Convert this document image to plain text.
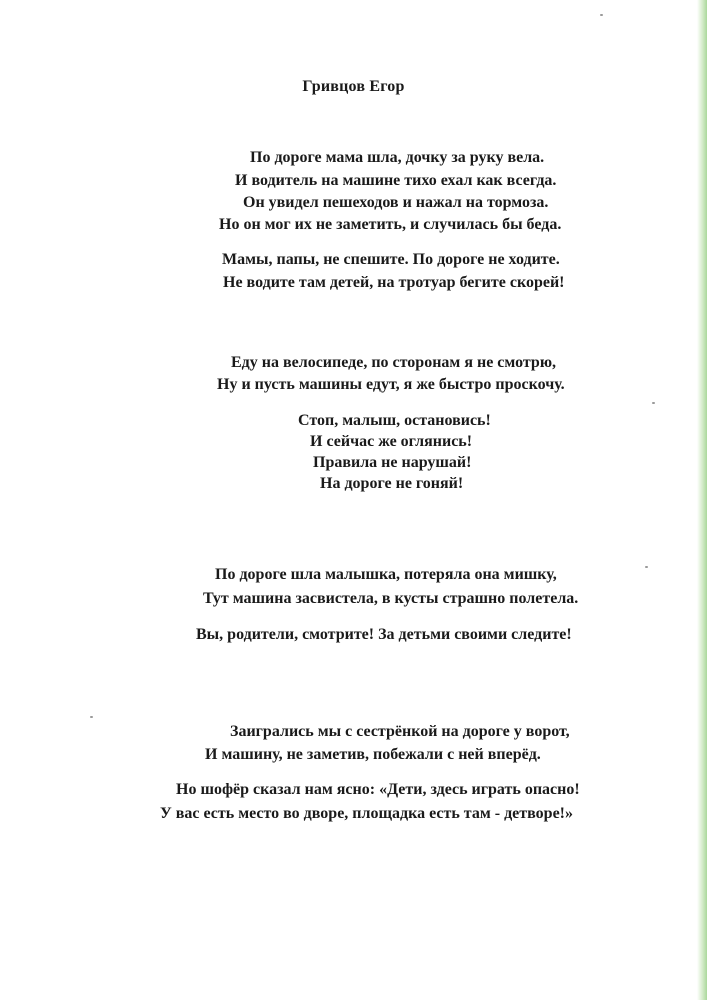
Гривцов Егор
По дороге мама шла, дочку за руку вела.
И водитель на машине тихо ехал как всегда.
Он увидел пешеходов и нажал на тормоза.
Но он мог их не заметить, и случилась бы беда.
Мамы, папы, не спешите. По дороге не ходите.
Не водите там детей, на тротуар бегите скорей!
Еду на велосипеде, по сторонам я не смотрю,
Ну и пусть машины едут, я же быстро проскочу.
Стоп, малыш, остановись!
И сейчас же оглянись!
Правила не нарушай!
На дороге не гоняй!
По дороге шла малышка, потеряла она мишку,
Тут машина засвистела, в кусты страшно полетела.
Вы, родители, смотрите! За детьми своими следите!
Заигрались мы с сестрёнкой на дороге у ворот,
И машину, не заметив, побежали с ней вперёд.
Но шофёр сказал нам ясно: «Дети, здесь играть опасно!
У вас есть место во дворе, площадка есть там - детворе!»
